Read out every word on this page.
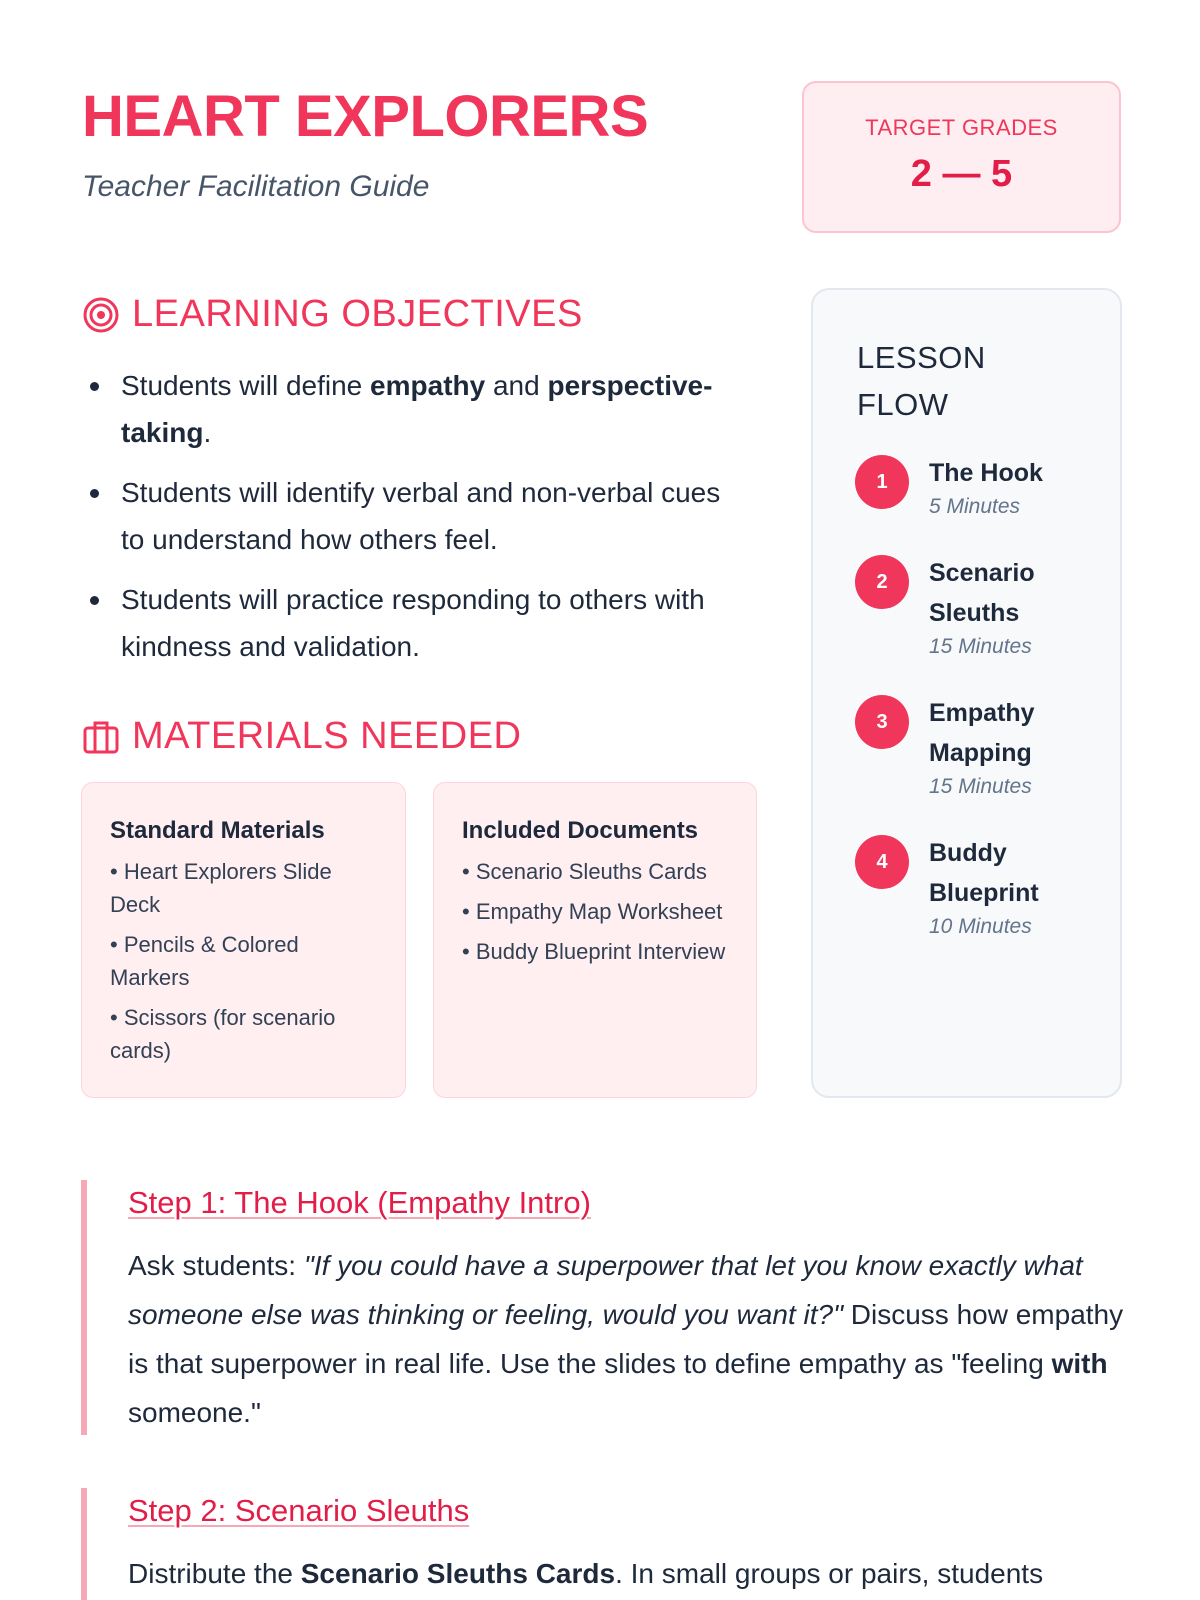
HEART EXPLORERS
Teacher Facilitation Guide
TARGET GRADES
2 — 5
LEARNING OBJECTIVES
Students will define empathy and perspective-taking.
Students will identify verbal and non-verbal cues to understand how others feel.
Students will practice responding to others with kindness and validation.
MATERIALS NEEDED
Standard Materials
• Heart Explorers Slide Deck
• Pencils & Colored Markers
• Scissors (for scenario cards)
Included Documents
• Scenario Sleuths Cards
• Empathy Map Worksheet
• Buddy Blueprint Interview
LESSON FLOW
1	The Hook
5 Minutes
2	Scenario Sleuths
15 Minutes
3	Empathy Mapping
15 Minutes
4	Buddy Blueprint
10 Minutes
Step 1: The Hook (Empathy Intro)
Ask students: "If you could have a superpower that let you know exactly what someone else was thinking or feeling, would you want it?" Discuss how empathy is that superpower in real life. Use the slides to define empathy as "feeling with someone."
Step 2: Scenario Sleuths
Distribute the Scenario Sleuths Cards. In small groups or pairs, students
